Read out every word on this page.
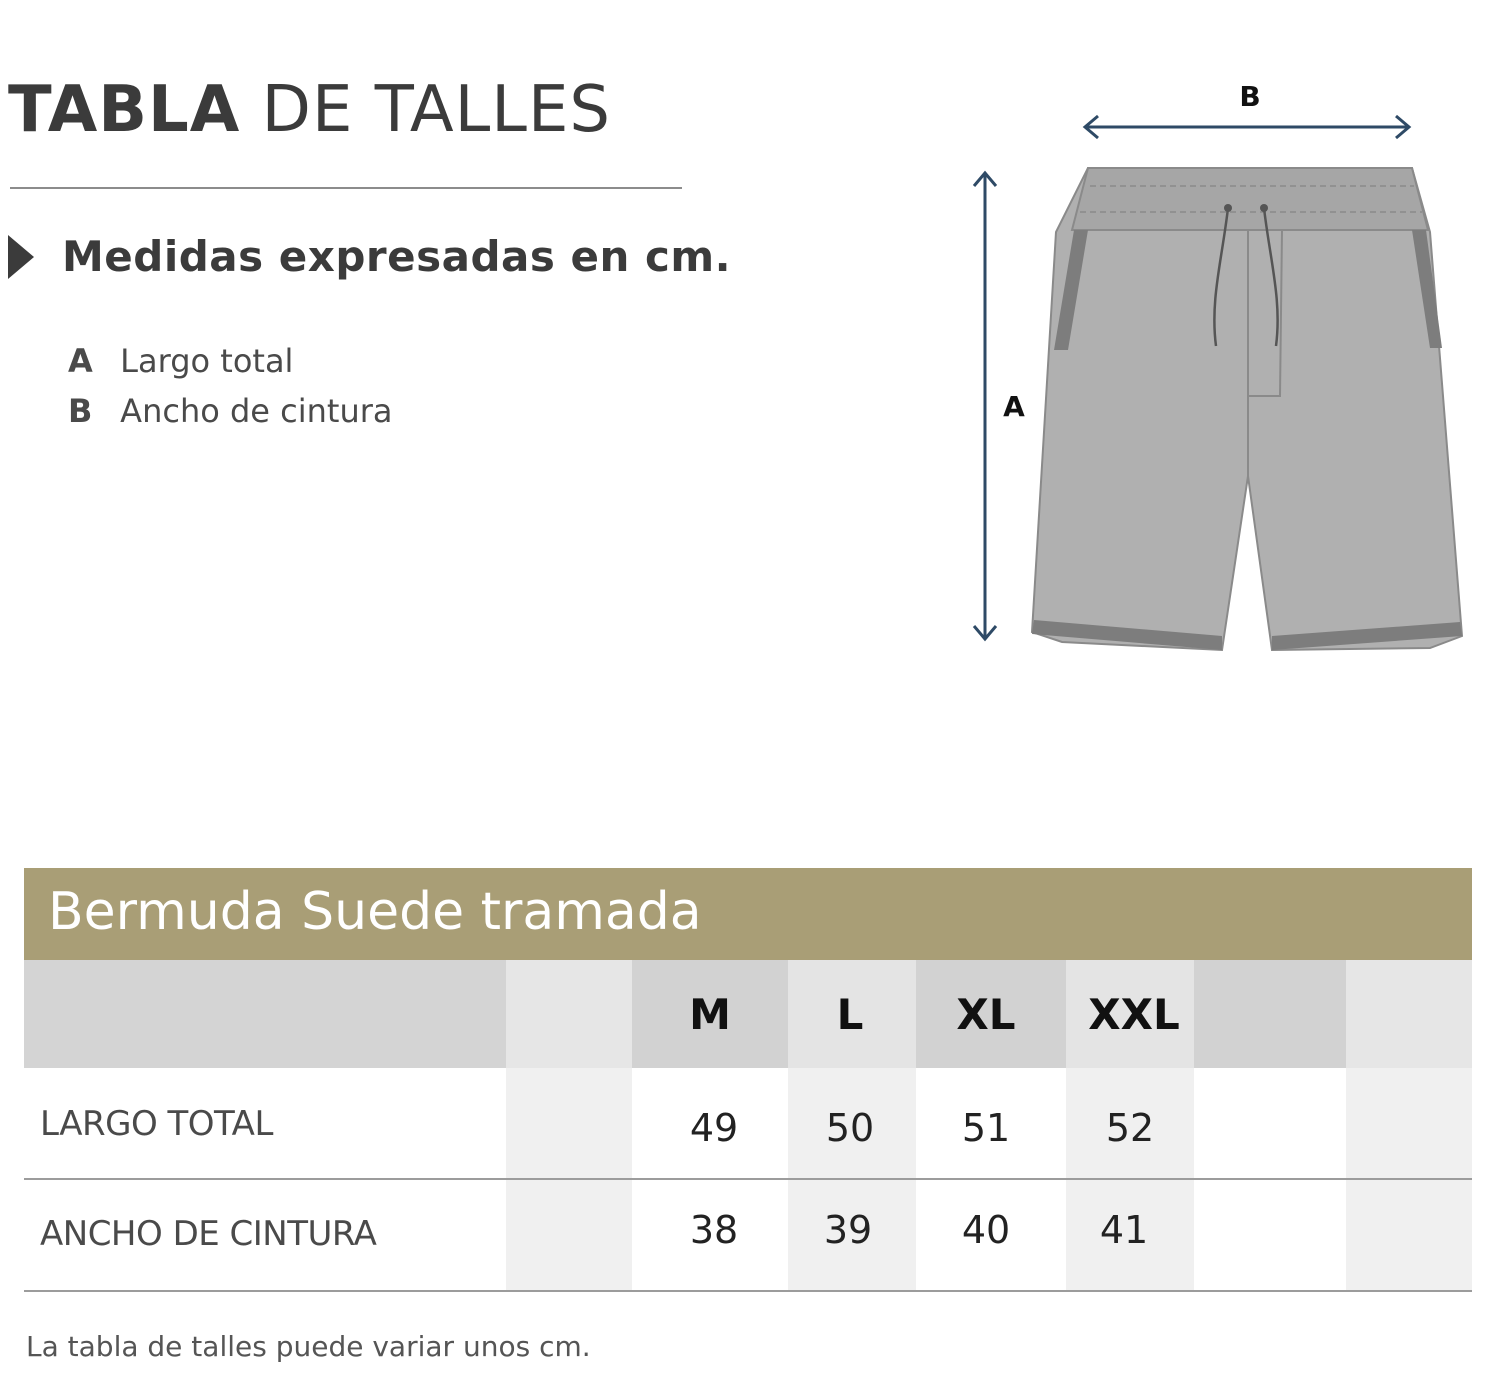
TABLA DE TALLES
Medidas expresadas en cm.
A Largo total
B Ancho de cintura
B
A
Bermuda Suede tramada
M	L	XL	XXL
LARGO TOTAL	49	50	51	52
ANCHO DE CINTURA	38	39	40	41
La tabla de talles puede variar unos cm.
